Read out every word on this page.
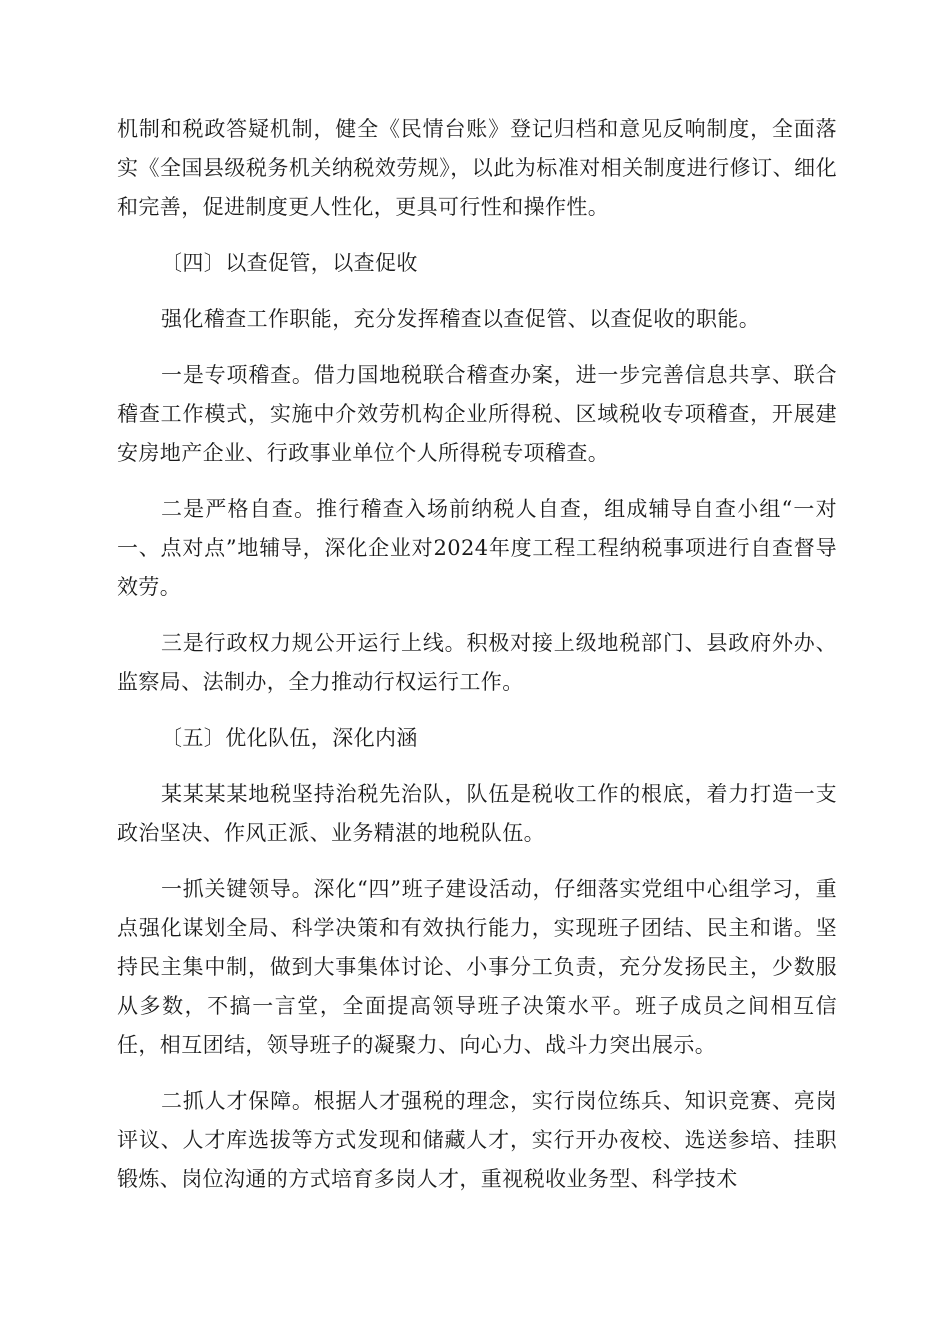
机制和税政答疑机制，健全《民情台账》登记归档和意见反响制度，全面落实《全国县级税务机关纳税效劳规》，以此为标准对相关制度进行修订、细化和完善，促进制度更人性化，更具可行性和操作性。

〔四〕以查促管，以查促收

强化稽查工作职能，充分发挥稽查以查促管、以查促收的职能。

一是专项稽查。借力国地税联合稽查办案，进一步完善信息共享、联合稽查工作模式，实施中介效劳机构企业所得税、区域税收专项稽查，开展建安房地产企业、行政事业单位个人所得税专项稽查。

二是严格自查。推行稽查入场前纳税人自查，组成辅导自查小组“一对一、点对点”地辅导，深化企业对2024年度工程工程纳税事项进行自查督导效劳。

三是行政权力规公开运行上线。积极对接上级地税部门、县政府外办、监察局、法制办，全力推动行权运行工作。

〔五〕优化队伍，深化内涵

某某某某地税坚持治税先治队，队伍是税收工作的根底，着力打造一支政治坚决、作风正派、业务精湛的地税队伍。

一抓关键领导。深化“四”班子建设活动，仔细落实党组中心组学习，重点强化谋划全局、科学决策和有效执行能力，实现班子团结、民主和谐。坚持民主集中制，做到大事集体讨论、小事分工负责，充分发扬民主，少数服从多数，不搞一言堂，全面提高领导班子决策水平。班子成员之间相互信任，相互团结，领导班子的凝聚力、向心力、战斗力突出展示。

二抓人才保障。根据人才强税的理念，实行岗位练兵、知识竞赛、亮岗评议、人才库选拔等方式发现和储藏人才，实行开办夜校、选送参培、挂职锻炼、岗位沟通的方式培育多岗人才，重视税收业务型、科学技术
